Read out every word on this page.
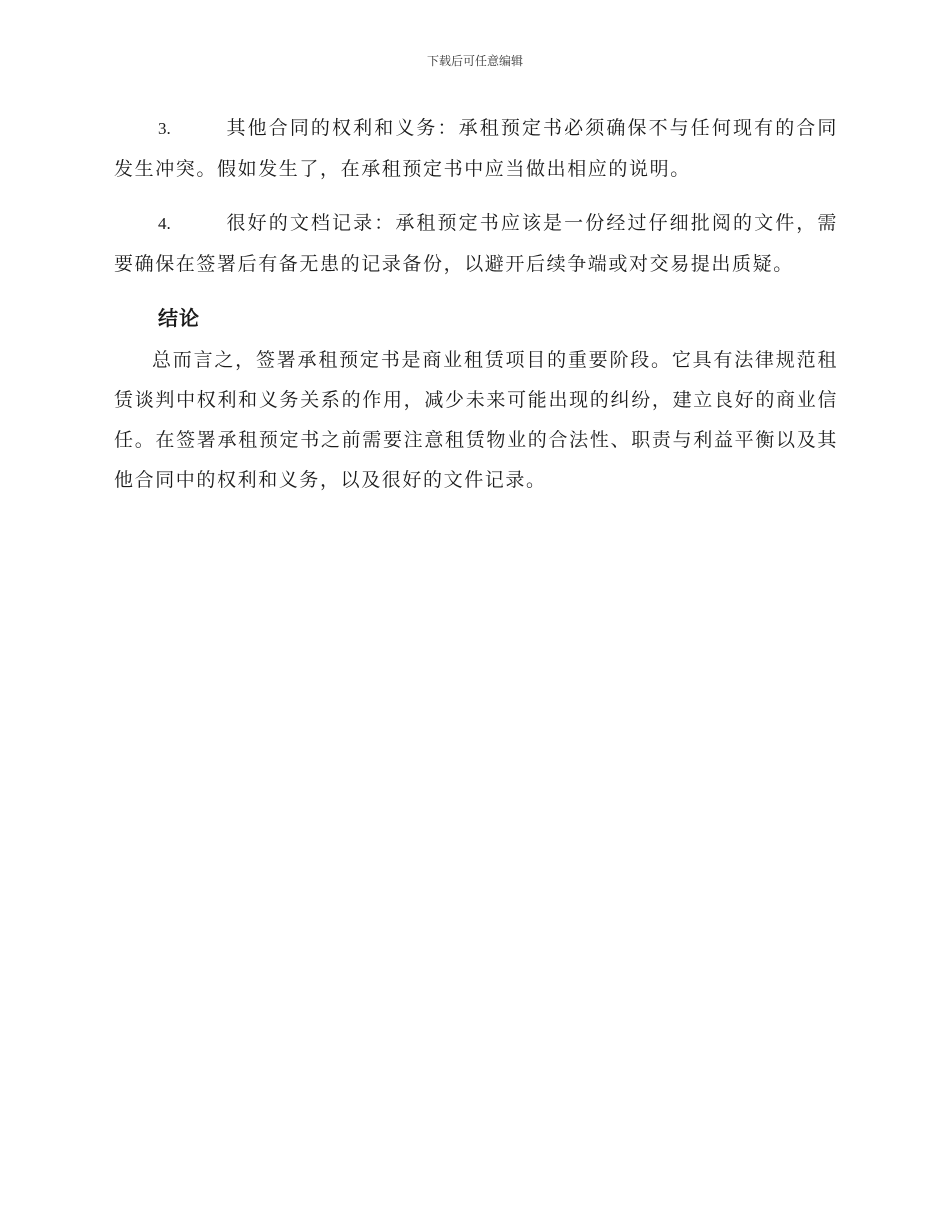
下载后可任意编辑

3.	其他合同的权利和义务：承租预定书必须确保不与任何现有的合同发生冲突。假如发生了，在承租预定书中应当做出相应的说明。

4.	很好的文档记录：承租预定书应该是一份经过仔细批阅的文件，需要确保在签署后有备无患的记录备份，以避开后续争端或对交易提出质疑。

结论

总而言之，签署承租预定书是商业租赁项目的重要阶段。它具有法律规范租赁谈判中权利和义务关系的作用，减少未来可能出现的纠纷，建立良好的商业信任。在签署承租预定书之前需要注意租赁物业的合法性、职责与利益平衡以及其他合同中的权利和义务，以及很好的文件记录。
